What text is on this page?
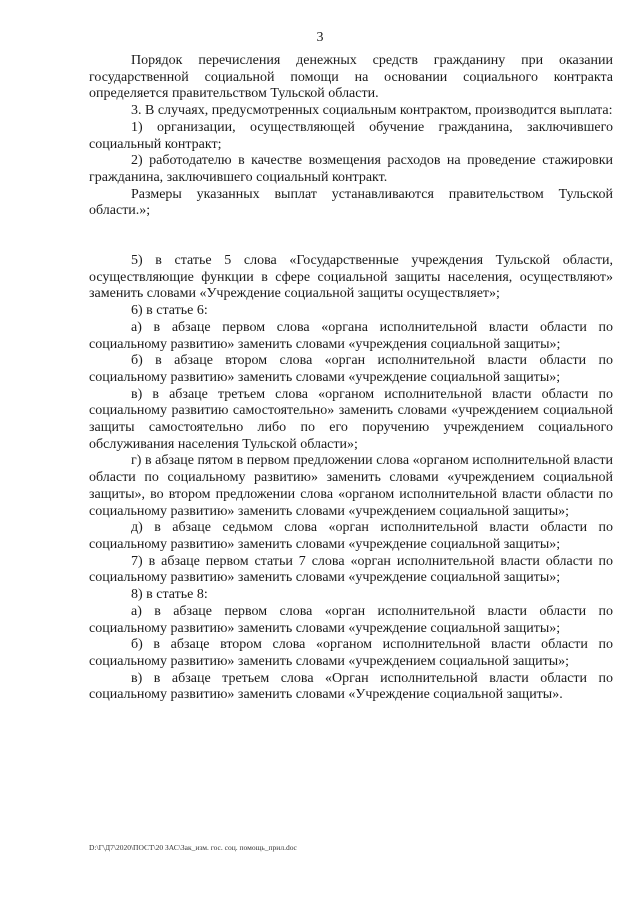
3

Порядок перечисления денежных средств гражданину при оказании государственной социальной помощи на основании социального контракта определяется правительством Тульской области.

3. В случаях, предусмотренных социальным контрактом, производится выплата:

1) организации, осуществляющей обучение гражданина, заключившего социальный контракт;

2) работодателю в качестве возмещения расходов на проведение стажировки гражданина, заключившего социальный контракт.

Размеры указанных выплат устанавливаются правительством Тульской области.»;

5) в статье 5 слова «Государственные учреждения Тульской области, осуществляющие функции в сфере социальной защиты населения, осуществляют» заменить словами «Учреждение социальной защиты осуществляет»;

6) в статье 6:

а) в абзаце первом слова «органа исполнительной власти области по социальному развитию» заменить словами «учреждения социальной защиты»;

б) в абзаце втором слова «орган исполнительной власти области по социальному развитию» заменить словами «учреждение социальной защиты»;

в) в абзаце третьем слова «органом исполнительной власти области по социальному развитию самостоятельно» заменить словами «учреждением социальной защиты самостоятельно либо по его поручению учреждением социального обслуживания населения Тульской области»;

г) в абзаце пятом в первом предложении слова «органом исполнительной власти области по социальному развитию» заменить словами «учреждением социальной защиты», во втором предложении слова «органом исполнительной власти области по социальному развитию» заменить словами «учреждением социальной защиты»;

д) в абзаце седьмом слова «орган исполнительной власти области по социальному развитию» заменить словами «учреждение социальной защиты»;

7) в абзаце первом статьи 7 слова «орган исполнительной власти области по социальному развитию» заменить словами «учреждение социальной защиты»;

8) в статье 8:

а) в абзаце первом слова «орган исполнительной власти области по социальному развитию» заменить словами «учреждение социальной защиты»;

б) в абзаце втором слова «органом исполнительной власти области по социальному развитию» заменить словами «учреждением социальной защиты»;

в) в абзаце третьем слова «Орган исполнительной власти области по социальному развитию» заменить словами «Учреждение социальной защиты».

D:\Г\Д7\2020\ПОСТ\20 ЗАС\Зак_изм. гос. соц. помощь_прил.doc
